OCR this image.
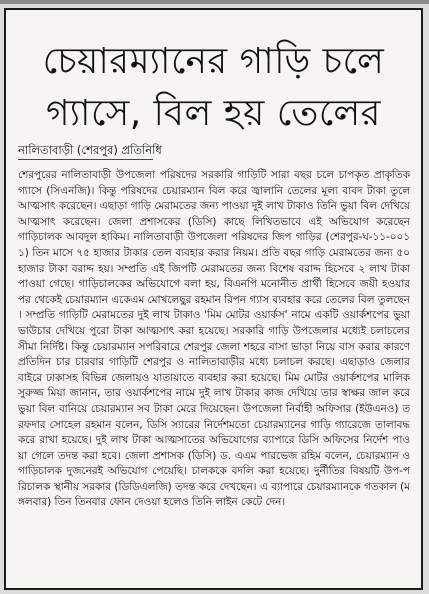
চেয়ারম্যানের গাড়ি চলে
গ্যাসে, বিল হয় তেলের
নালিতাবাড়ী (শেরপুর) প্রতিনিধি
শেরপুরের নালিতাবাড়ী উপজেলা পরিষদের সরকারি গাড়িটি সারা বছর চলে চাপকৃত প্রাকৃতিক গ্যাসে (সিএনজি)। কিন্তু পরিষদের চেয়ারম্যান বিল করে জ্বালানি তেলের মূল্য বাবদ টাকা তুলে আত্মসাৎ করেছেন। এছাড়া গাড়ি মেরামতের জন্য পাওয়া দুই লাখ টাকাও তিনি ভুয়া বিল দেখিয়ে আত্মসাৎ করেছেন। জেলা প্রশাসকের (ডিসি) কাছে লিখিতভাবে এই অভিযোগ করেছেন গাড়িচালক আবদুল হাকিম। নালিতাবাড়ী উপজেলা পরিষদের জিপ গাড়ির (শেরপুর-ঘ-১১-০০১১) তিন মাসে ৭৫ হাজার টাকার তেল ব্যবহার করার নিয়ম। প্রতি বছর গাড়ি মেরামতের জন্য ৫০ হাজার টাকা বরাদ্দ হয়। সম্প্রতি এই জিপটি মেরামতের জন্য বিশেষ বরাদ্দ হিসেবে ২ লাখ টাকা পাওয়া গেছে। গাড়িচালকের অভিযোগে বলা হয়, বিএনপি মনোনীত প্রার্থী হিসেবে জয়ী হওয়ার পর থেকেই চেয়ারম্যান একেএম মোখলেছুর রহমান রিপন গ্যাস ব্যবহার করে তেলের বিল তুলছেন। সম্প্রতি গাড়িটি মেরামতের দুই লাখ টাকাও 'মিম মোটর ওয়ার্কস' নামে একটি ওয়ার্কশপের ভুয়া ভাউচার দেখিয়ে পুরো টাকা আত্মসাৎ করা হয়েছে। সরকারি গাড়ি উপজেলার মধ্যেই চলাচলের সীমা নির্দিষ্ট। কিন্তু চেয়ারম্যান সপরিবারে শেরপুর জেলা শহরে বাসা ভাড়া নিয়ে বাস করার কারণে প্রতিদিন চার চারবার গাড়িটি শেরপুর ও নালিতাবাড়ীর মধ্যে চলাচল করছে। এছাড়াও জেলার বাইরে ঢাকাসহ বিভিন্ন জেলায়ও যাতায়াতে ব্যবহার করা হয়েছে। মিম মোটর ওয়ার্কশপের মালিক সুরুজ্জ মিয়া জানান, তার ওয়ার্কশপের নামে দুই লাখ টাকার কাজ দেখিয়ে তার স্বাক্ষর জাল করে ভুয়া বিল বানিয়ে চেয়ারম্যান সব টাকা মেরে দিয়েছেন। উপজেলা নির্বাহী অফিসার (ইউএনও) তরফদার সোহেল রহমান বলেন, ডিসি স্যারের নির্দেশমতো চেয়ারম্যানের গাড়ি গ্যারেজে তালাবদ্ধ করে রাখা হয়েছে। দুই লাখ টাকা আত্মসাতের অভিযোগের ব্যাপারে ডিসি অফিসের নির্দেশ পাওয়া গেলে তদন্ত করা হবে। জেলা প্রশাসক (ডিসি) ড. এএম পারভেজ রহিম বলেন, চেয়ারম্যান ও গাড়িচালক দুজনেরই অভিযোগ পেয়েছি। চালককে বদলি করা হয়েছে। দুর্নীতির বিষয়টি উপ-পরিচালক স্থানীয় সরকার (ডিডিএলজি) তদন্ত করে দেখছেন। এ ব্যাপারে চেয়ারম্যানকে গতকাল (মঙ্গলবার) তিন তিনবার ফোন দেওয়া হলেও তিনি লাইন কেটে দেন।
